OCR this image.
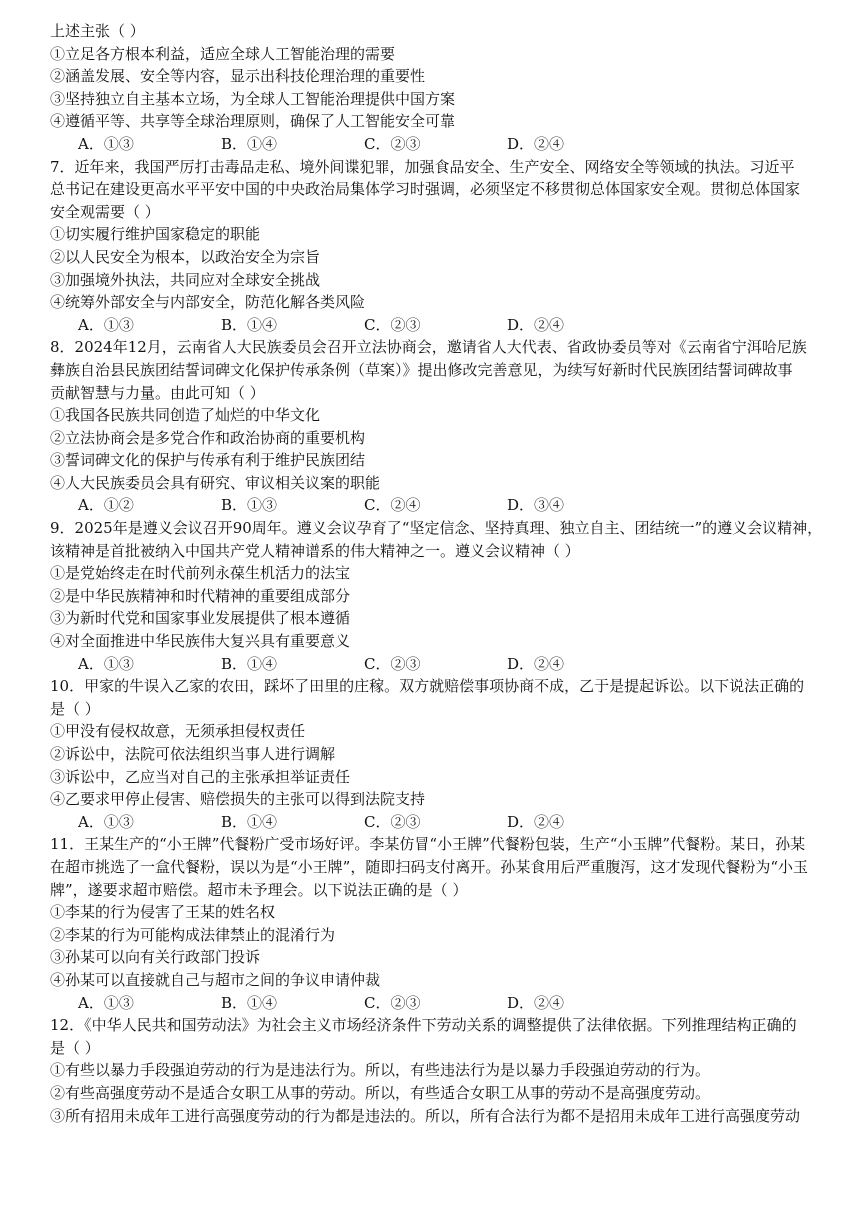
上述主张（ ）
①立足各方根本利益，适应全球人工智能治理的需要
②涵盖发展、安全等内容，显示出科技伦理治理的重要性
③坚持独立自主基本立场，为全球人工智能治理提供中国方案
④遵循平等、共享等全球治理原则，确保了人工智能安全可靠
A．①③	B．①④	C．②③	D．②④
7．近年来，我国严厉打击毒品走私、境外间谍犯罪，加强食品安全、生产安全、网络安全等领域的执法。习近平
总书记在建设更高水平平安中国的中央政治局集体学习时强调，必须坚定不移贯彻总体国家安全观。贯彻总体国家
安全观需要（ ）
①切实履行维护国家稳定的职能
②以人民安全为根本，以政治安全为宗旨
③加强境外执法，共同应对全球安全挑战
④统筹外部安全与内部安全，防范化解各类风险
A．①③	B．①④	C．②③	D．②④
8．2024年12月，云南省人大民族委员会召开立法协商会，邀请省人大代表、省政协委员等对《云南省宁洱哈尼族
彝族自治县民族团结誓词碑文化保护传承条例（草案）》提出修改完善意见，为续写好新时代民族团结誓词碑故事
贡献智慧与力量。由此可知（ ）
①我国各民族共同创造了灿烂的中华文化
②立法协商会是多党合作和政治协商的重要机构
③誓词碑文化的保护与传承有利于维护民族团结
④人大民族委员会具有研究、审议相关议案的职能
A．①②	B．①③	C．②④	D．③④
9．2025年是遵义会议召开90周年。遵义会议孕育了“坚定信念、坚持真理、独立自主、团结统一”的遵义会议精神，
该精神是首批被纳入中国共产党人精神谱系的伟大精神之一。遵义会议精神（ ）
①是党始终走在时代前列永葆生机活力的法宝
②是中华民族精神和时代精神的重要组成部分
③为新时代党和国家事业发展提供了根本遵循
④对全面推进中华民族伟大复兴具有重要意义
A．①③	B．①④	C．②③	D．②④
10．甲家的牛误入乙家的农田，踩坏了田里的庄稼。双方就赔偿事项协商不成，乙于是提起诉讼。以下说法正确的
是（ ）
①甲没有侵权故意，无须承担侵权责任
②诉讼中，法院可依法组织当事人进行调解
③诉讼中，乙应当对自己的主张承担举证责任
④乙要求甲停止侵害、赔偿损失的主张可以得到法院支持
A．①③	B．①④	C．②③	D．②④
11．王某生产的“小王牌”代餐粉广受市场好评。李某仿冒“小王牌”代餐粉包装，生产“小玉牌”代餐粉。某日，孙某
在超市挑选了一盒代餐粉，误以为是“小王牌”，随即扫码支付离开。孙某食用后严重腹泻，这才发现代餐粉为“小玉
牌”，遂要求超市赔偿。超市未予理会。以下说法正确的是（ ）
①李某的行为侵害了王某的姓名权
②李某的行为可能构成法律禁止的混淆行为
③孙某可以向有关行政部门投诉
④孙某可以直接就自己与超市之间的争议申请仲裁
A．①③	B．①④	C．②③	D．②④
12．《中华人民共和国劳动法》为社会主义市场经济条件下劳动关系的调整提供了法律依据。下列推理结构正确的
是（ ）
①有些以暴力手段强迫劳动的行为是违法行为。所以，有些违法行为是以暴力手段强迫劳动的行为。
②有些高强度劳动不是适合女职工从事的劳动。所以，有些适合女职工从事的劳动不是高强度劳动。
③所有招用未成年工进行高强度劳动的行为都是违法的。所以，所有合法行为都不是招用未成年工进行高强度劳动
